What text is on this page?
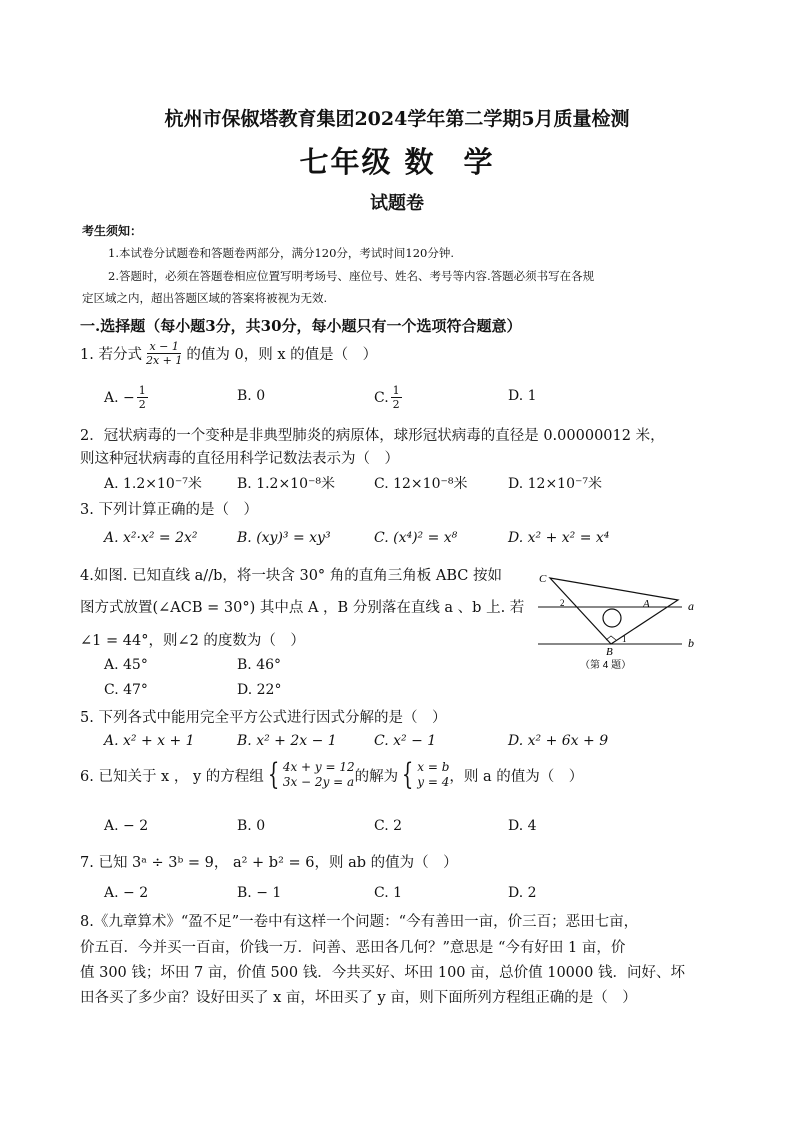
杭州市保俶塔教育集团2024学年第二学期5月质量检测
七年级 数 学
试题卷
考生须知：
1.本试卷分试题卷和答题卷两部分，满分120分，考试时间120分钟.
2.答题时，必须在答题卷相应位置写明考场号、座位号、姓名、考号等内容.答题必须书写在各规
定区域之内，超出答题区域的答案将被视为无效.
一.选择题（每小题3分，共30分，每小题只有一个选项符合题意）
1. 若分式 $\frac{x - 1}{2x + 1}$ 的值为 0，则 x 的值是（　）
A. − $\frac{1}{2}$	B. 0	C. $\frac{1}{2}$	D. 1
2．冠状病毒的一个变种是非典型肺炎的病原体，球形冠状病毒的直径是 0.00000012 米，
则这种冠状病毒的直径用科学记数法表示为（　）
A. 1.2×10⁻⁷米	B. 1.2×10⁻⁸米	C. 12×10⁻⁸米	D. 12×10⁻⁷米
3. 下列计算正确的是（　）
A. x²·x² = 2x²	B. (xy)³ = xy³	C. (x⁴)² = x⁸	D. x² + x² = x⁴
4.如图. 已知直线 a//b，将一块含 30° 角的直角三角板 ABC 按如
图方式放置(∠ACB = 30°) 其中点 A ，B 分别落在直线 a 、b 上. 若
∠1 = 44°，则∠2 的度数为（　）
A. 45°	B. 46°
C. 47°	D. 22°
C
A
B
a
b
1
2
（第 4 题）
5. 下列各式中能用完全平方公式进行因式分解的是（　）
A. x² + x + 1	B. x² + 2x − 1	C. x² − 1	D. x² + 6x + 9
6. 已知关于 x ， y 的方程组 { 4x + y = 12
3x − 2y = a 的解为 { x = b
y = 4 ，则 a 的值为（　）
A. − 2	B. 0	C. 2	D. 4
7. 已知 3ᵃ ÷ 3ᵇ = 9， a² + b² = 6，则 ab 的值为（　）
A. − 2	B. − 1	C. 1	D. 2
8.《九章算术》“盈不足”一卷中有这样一个问题：“今有善田一亩，价三百；恶田七亩，
价五百．今并买一百亩，价钱一万．问善、恶田各几何？”意思是 “今有好田 1 亩，价
值 300 钱；坏田 7 亩，价值 500 钱．今共买好、坏田 100 亩，总价值 10000 钱．问好、坏
田各买了多少亩？设好田买了 x 亩，坏田买了 y 亩，则下面所列方程组正确的是（　）
